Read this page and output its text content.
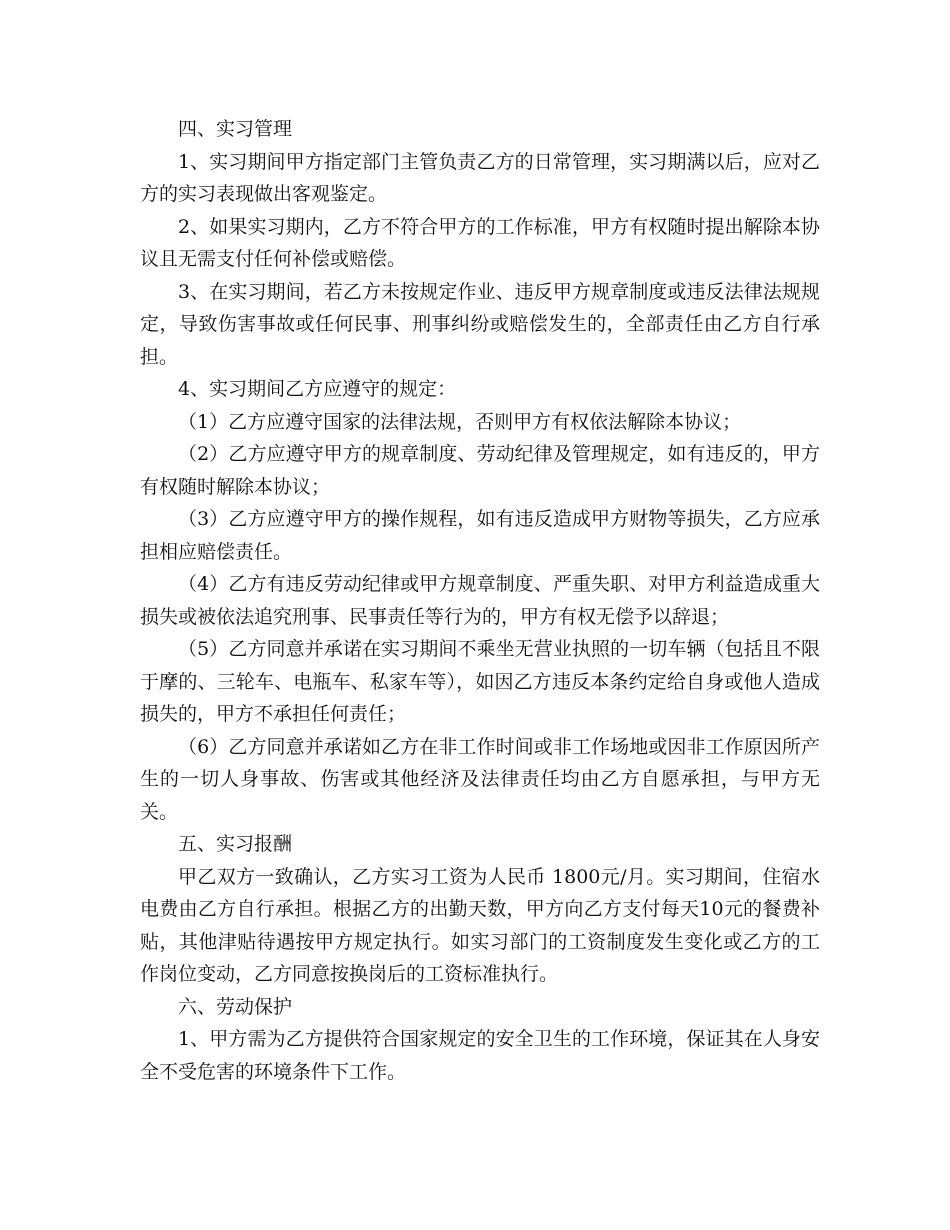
四、实习管理

1、实习期间甲方指定部门主管负责乙方的日常管理，实习期满以后，应对乙方的实习表现做出客观鉴定。

2、如果实习期内，乙方不符合甲方的工作标准，甲方有权随时提出解除本协议且无需支付任何补偿或赔偿。

3、在实习期间，若乙方未按规定作业、违反甲方规章制度或违反法律法规规定，导致伤害事故或任何民事、刑事纠纷或赔偿发生的，全部责任由乙方自行承担。

4、实习期间乙方应遵守的规定：

（1）乙方应遵守国家的法律法规，否则甲方有权依法解除本协议；

（2）乙方应遵守甲方的规章制度、劳动纪律及管理规定，如有违反的，甲方有权随时解除本协议；

（3）乙方应遵守甲方的操作规程，如有违反造成甲方财物等损失，乙方应承担相应赔偿责任。

（4）乙方有违反劳动纪律或甲方规章制度、严重失职、对甲方利益造成重大损失或被依法追究刑事、民事责任等行为的，甲方有权无偿予以辞退；

（5）乙方同意并承诺在实习期间不乘坐无营业执照的一切车辆（包括且不限于摩的、三轮车、电瓶车、私家车等），如因乙方违反本条约定给自身或他人造成损失的，甲方不承担任何责任；

（6）乙方同意并承诺如乙方在非工作时间或非工作场地或因非工作原因所产生的一切人身事故、伤害或其他经济及法律责任均由乙方自愿承担，与甲方无关。

五、实习报酬

甲乙双方一致确认，乙方实习工资为人民币 1800元/月。实习期间，住宿水电费由乙方自行承担。根据乙方的出勤天数，甲方向乙方支付每天10元的餐费补贴，其他津贴待遇按甲方规定执行。如实习部门的工资制度发生变化或乙方的工作岗位变动，乙方同意按换岗后的工资标准执行。

六、劳动保护

1、甲方需为乙方提供符合国家规定的安全卫生的工作环境，保证其在人身安全不受危害的环境条件下工作。
